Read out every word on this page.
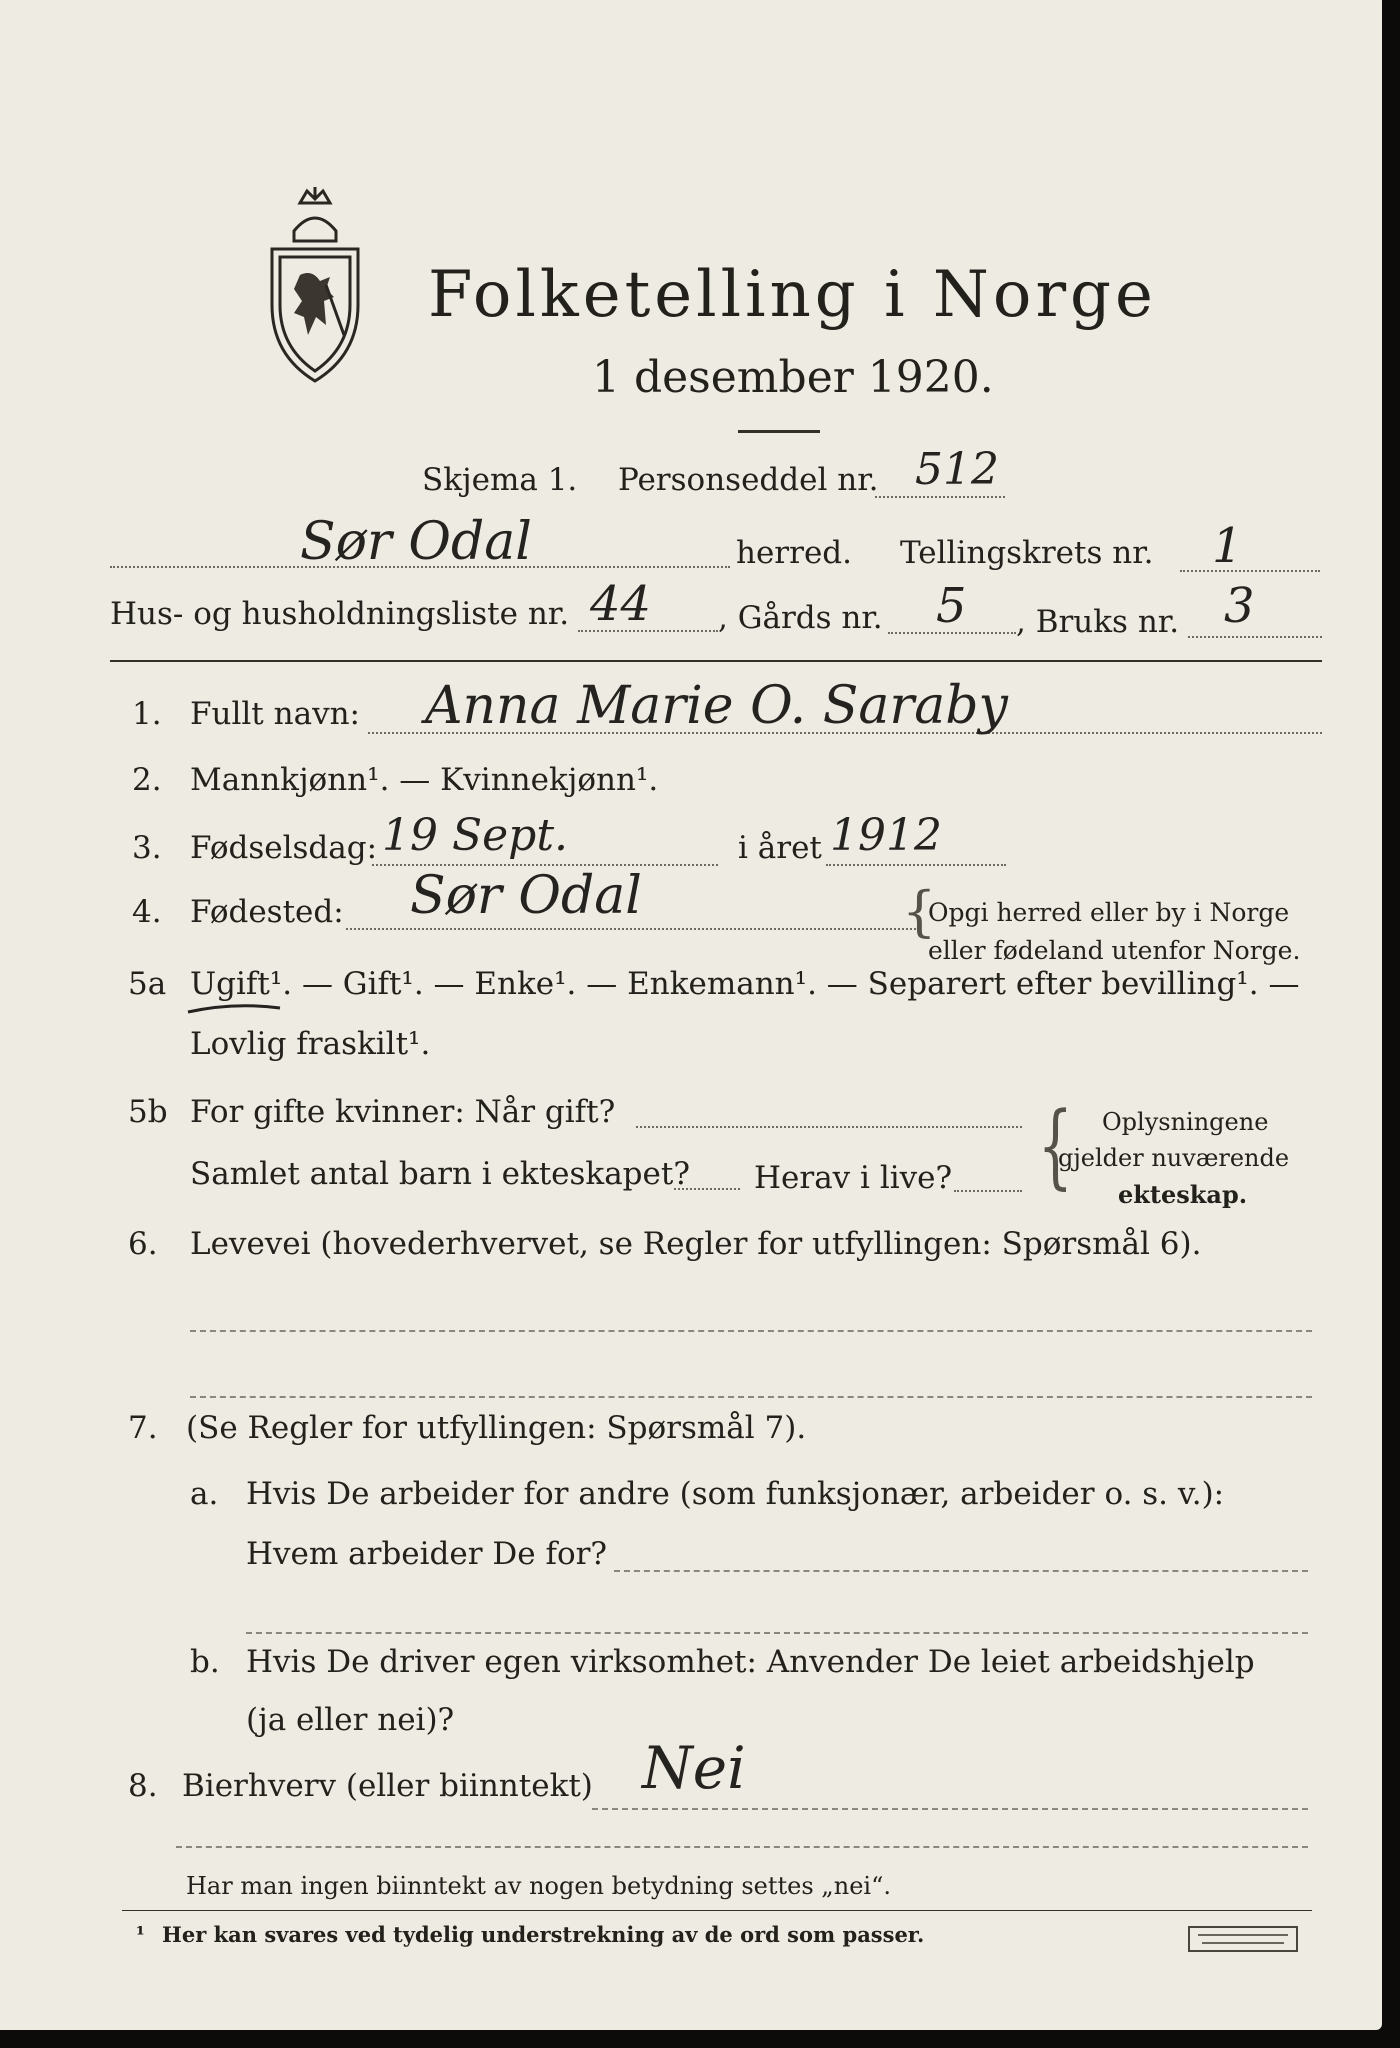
Folketelling i Norge
1 desember 1920.
Skjema 1. Personseddel nr. 512
Sør Odal	herred. Tellingskrets nr. 1
Hus- og husholdningsliste nr. 44 , Gårds nr. 5 , Bruks nr. 3
1. Fullt navn: Anna Marie O. Saraby
2. Mannkjønn¹. — Kvinnekjønn¹.
3. Fødselsdag: 19 Sept.	i året 1912
4. Fødested: Sør Odal	{
Opgi herred eller by i Norge
eller fødeland utenfor Norge.
5a Ugift¹. — Gift¹. — Enke¹. — Enkemann¹. — Separert efter bevilling¹. —
Lovlig fraskilt¹.
5b For gifte kvinner: Når gift?
Samlet antal barn i ekteskapet? Herav i live? { Oplysningene
gjelder nuværende
ekteskap.
6. Levevei (hovederhvervet, se Regler for utfyllingen: Spørsmål 6).
7. (Se Regler for utfyllingen: Spørsmål 7).
a. Hvis De arbeider for andre (som funksjonær, arbeider o. s. v.):
Hvem arbeider De for?
b. Hvis De driver egen virksomhet: Anvender De leiet arbeidshjelp
(ja eller nei)?
8. Bierhverv (eller biinntekt) Nei
Har man ingen biinntekt av nogen betydning settes „nei“.
¹ Her kan svares ved tydelig understrekning av de ord som passer.
